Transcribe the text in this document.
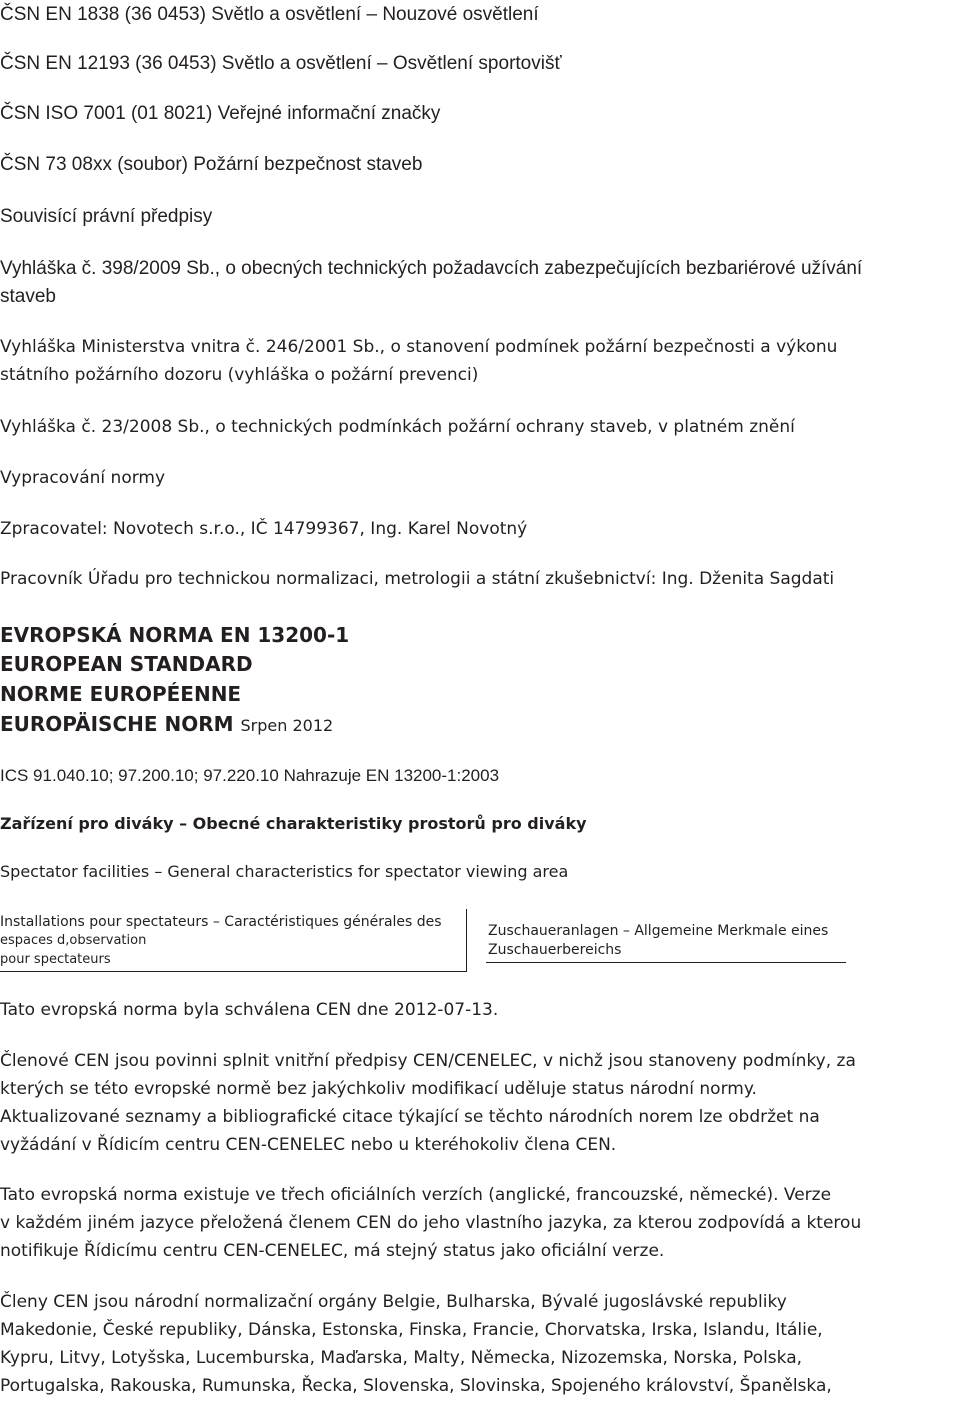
ČSN EN 1838 (36 0453) Světlo a osvětlení – Nouzové osvětlení

ČSN EN 12193 (36 0453) Světlo a osvětlení – Osvětlení sportovišť

ČSN ISO 7001 (01 8021) Veřejné informační značky

ČSN 73 08xx (soubor) Požární bezpečnost staveb

Souvisící právní předpisy

Vyhláška č. 398/2009 Sb., o obecných technických požadavcích zabezpečujících bezbariérové užívání

staveb

Vyhláška Ministerstva vnitra č. 246/2001 Sb., o stanovení podmínek požární bezpečnosti a výkonu

státního požárního dozoru (vyhláška o požární prevenci)

Vyhláška č. 23/2008 Sb., o technických podmínkách požární ochrany staveb, v platném znění

Vypracování normy

Zpracovatel: Novotech s.r.o., IČ 14799367, Ing. Karel Novotný

Pracovník Úřadu pro technickou normalizaci, metrologii a státní zkušebnictví: Ing. Dženita Sagdati

EVROPSKÁ NORMA EN 13200-1

EUROPEAN STANDARD

NORME EUROPÉENNE

EUROPÄISCHE NORM Srpen 2012

ICS 91.040.10; 97.200.10; 97.220.10 Nahrazuje EN 13200-1:2003

Zařízení pro diváky – Obecné charakteristiky prostorů pro diváky

Spectator facilities – General characteristics for spectator viewing area

Installations pour spectateurs – Caractéristiques générales des

espaces d,observation

pour spectateurs

Zuschaueranlagen – Allgemeine Merkmale eines

Zuschauerbereichs

Tato evropská norma byla schválena CEN dne 2012-07-13.

Členové CEN jsou povinni splnit vnitřní předpisy CEN/CENELEC, v nichž jsou stanoveny podmínky, za

kterých se této evropské normě bez jakýchkoliv modifikací uděluje status národní normy.

Aktualizované seznamy a bibliografické citace týkající se těchto národních norem lze obdržet na

vyžádání v Řídicím centru CEN-CENELEC nebo u kteréhokoliv člena CEN.

Tato evropská norma existuje ve třech oficiálních verzích (anglické, francouzské, německé). Verze

v každém jiném jazyce přeložená členem CEN do jeho vlastního jazyka, za kterou zodpovídá a kterou

notifikuje Řídicímu centru CEN-CENELEC, má stejný status jako oficiální verze.

Členy CEN jsou národní normalizační orgány Belgie, Bulharska, Bývalé jugoslávské republiky

Makedonie, České republiky, Dánska, Estonska, Finska, Francie, Chorvatska, Irska, Islandu, Itálie,

Kypru, Litvy, Lotyšska, Lucemburska, Maďarska, Malty, Německa, Nizozemska, Norska, Polska,

Portugalska, Rakouska, Rumunska, Řecka, Slovenska, Slovinska, Spojeného království, Španělska,
